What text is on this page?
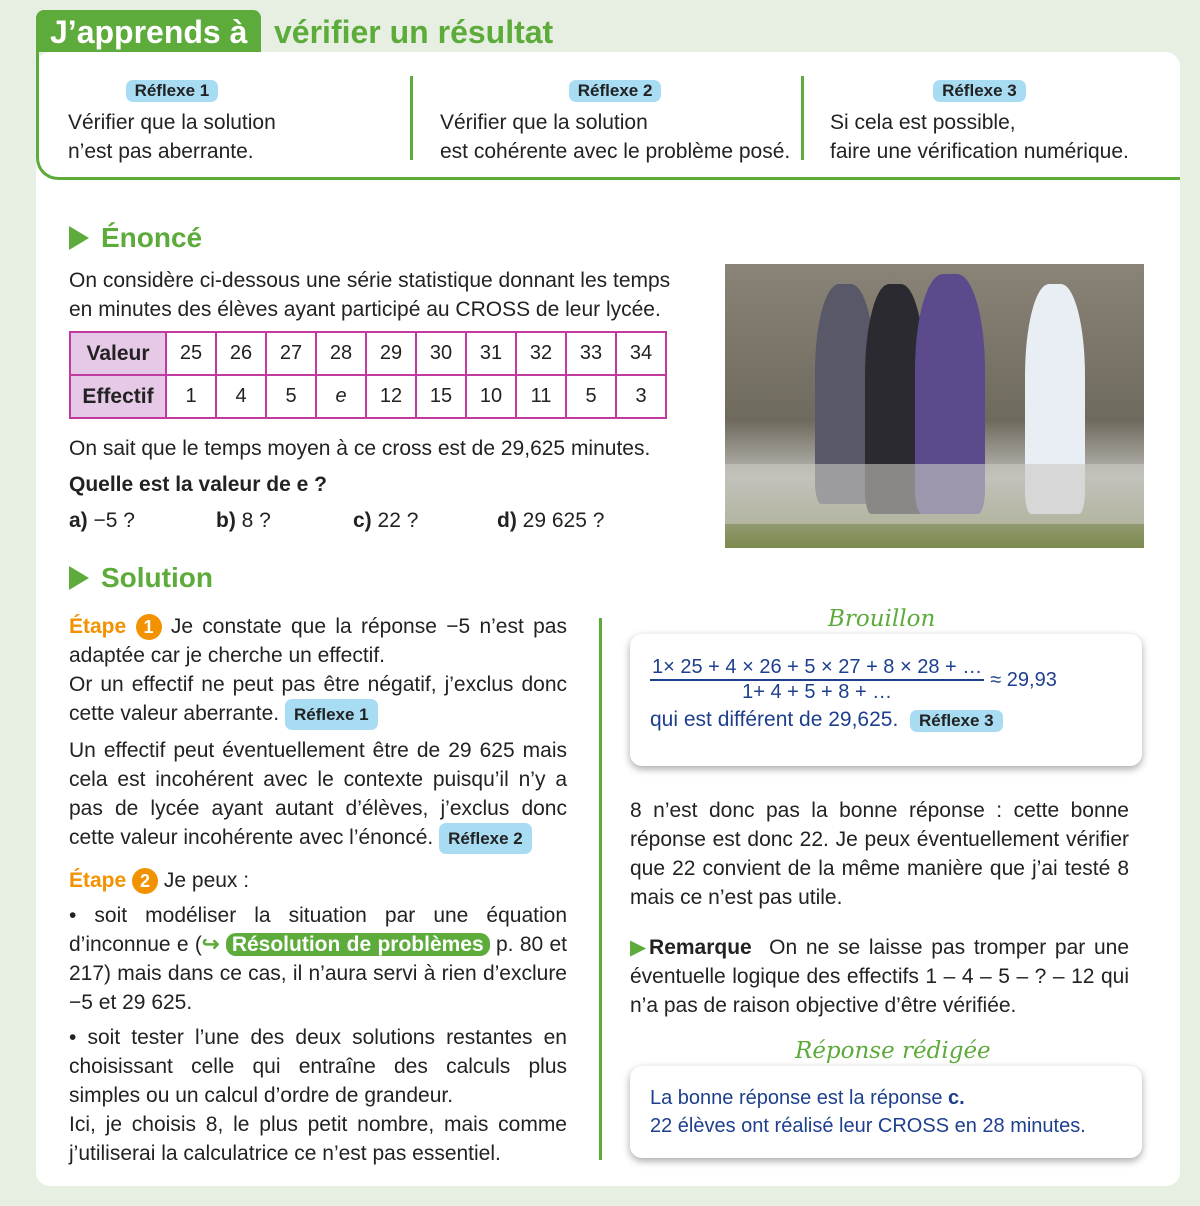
J’apprends à vérifier un résultat
Réflexe 1

Vérifier que la solution

n’est pas aberrante.

Réflexe 2

Vérifier que la solution

est cohérente avec le problème posé.

Réflexe 3

Si cela est possible,

faire une vérification numérique.

Énoncé
On considère ci-dessous une série statistique donnant les temps
en minutes des élèves ayant participé au CROSS de leur lycée.
Valeur	25	26	27	28	29	30	31	32	33	34
Effectif	1	4	5	e	12	15	10	11	5	3
On sait que le temps moyen à ce cross est de 29,625 minutes.
Quelle est la valeur de e ?
a) −5 ?	b) 8 ?	c) 22 ?	d) 29 625 ?
Solution
Étape 1 Je constate que la réponse −5 n’est pas adaptée car je cherche un effectif.
Or un effectif ne peut pas être négatif, j’exclus donc cette valeur aberrante. Réflexe 1
Un effectif peut éventuellement être de 29 625 mais cela est incohérent avec le contexte puisqu’il n’y a pas de lycée ayant autant d’élèves, j’exclus donc cette valeur incohérente avec l’énoncé. Réflexe 2
Étape 2 Je peux :
• soit modéliser la situation par une équation d’inconnue e (↪ Résolution de problèmes p. 80 et 217) mais dans ce cas, il n’aura servi à rien d’exclure −5 et 29 625.
• soit tester l’une des deux solutions restantes en choisissant celle qui entraîne des calculs plus simples ou un calcul d’ordre de grandeur.
Ici, je choisis 8, le plus petit nombre, mais comme j’utiliserai la calculatrice ce n’est pas essentiel.
Brouillon
$\frac{1\times 25 + 4 \times 26 + 5 \times 27 + 8 \times 28 + \dots}{1+ 4 + 5 + 8 + \dots} \approx 29,93$
qui est différent de 29,625. Réflexe 3
8 n’est donc pas la bonne réponse : cette bonne réponse est donc 22. Je peux éventuellement vérifier que 22 convient de la même manière que j’ai testé 8 mais ce n’est pas utile.
▶Remarque On ne se laisse pas tromper par une éventuelle logique des effectifs 1 – 4 – 5 – ? – 12 qui n’a pas de raison objective d’être vérifiée.
Réponse rédigée
La bonne réponse est la réponse c.
22 élèves ont réalisé leur CROSS en 28 minutes.
